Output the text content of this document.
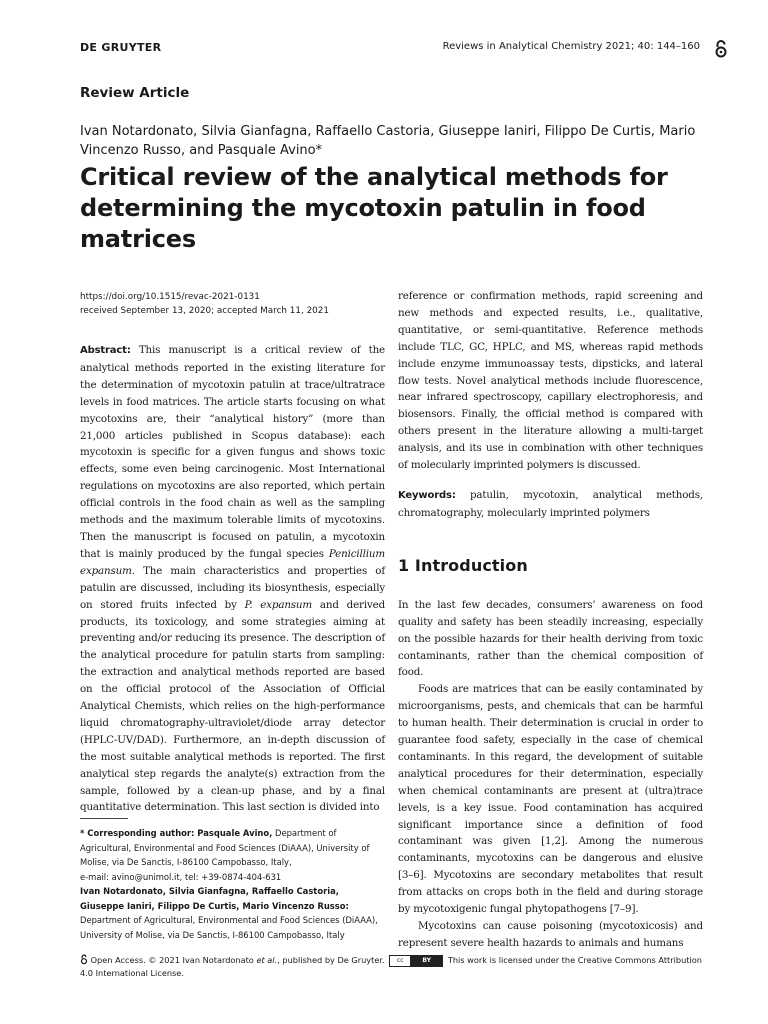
DE GRUYTER	Reviews in Analytical Chemistry 2021; 40: 144–160
Review Article
Ivan Notardonato, Silvia Gianfagna, Raffaello Castoria, Giuseppe Ianiri, Filippo De Curtis, Mario Vincenzo Russo, and Pasquale Avino*
Critical review of the analytical methods for determining the mycotoxin patulin in food matrices
https://doi.org/10.1515/revac-2021-0131
received September 13, 2020; accepted March 11, 2021

Abstract: This manuscript is a critical review of the analytical methods reported in the existing literature for the determination of mycotoxin patulin at trace/ultratrace levels in food matrices. The article starts focusing on what mycotoxins are, their “analytical history” (more than 21,000 articles published in Scopus database): each mycotoxin is specific for a given fungus and shows toxic effects, some even being carcinogenic. Most International regulations on mycotoxins are also reported, which pertain official controls in the food chain as well as the sampling methods and the maximum tolerable limits of mycotoxins. Then the manuscript is focused on patulin, a mycotoxin that is mainly produced by the fungal species Penicillium expansum. The main characteristics and properties of patulin are discussed, including its biosynthesis, especially on stored fruits infected by P. expansum and derived products, its toxicology, and some strategies aiming at preventing and/or reducing its presence. The description of the analytical procedure for patulin starts from sampling: the extraction and analytical methods reported are based on the official protocol of the Association of Official Analytical Chemists, which relies on the high-performance liquid chromatography-ultraviolet/diode array detector (HPLC-UV/DAD). Furthermore, an in-depth discussion of the most suitable analytical methods is reported. The first analytical step regards the analyte(s) extraction from the sample, followed by a clean-up phase, and by a final quantitative determination. This last section is divided into

* Corresponding author: Pasquale Avino, Department of Agricultural, Environmental and Food Sciences (DiAAA), University of Molise, via De Sanctis, I-86100 Campobasso, Italy,
e-mail: avino@unimol.it, tel: +39-0874-404-631
Ivan Notardonato, Silvia Gianfagna, Raffaello Castoria, Giuseppe Ianiri, Filippo De Curtis, Mario Vincenzo Russo: Department of Agricultural, Environmental and Food Sciences (DiAAA), University of Molise, via De Sanctis, I-86100 Campobasso, Italy

reference or confirmation methods, rapid screening and new methods and expected results, i.e., qualitative, quantitative, or semi-quantitative. Reference methods include TLC, GC, HPLC, and MS, whereas rapid methods include enzyme immunoassay tests, dipsticks, and lateral flow tests. Novel analytical methods include fluorescence, near infrared spectroscopy, capillary electrophoresis, and biosensors. Finally, the official method is compared with others present in the literature allowing a multi-target analysis, and its use in combination with other techniques of molecularly imprinted polymers is discussed.

Keywords: patulin, mycotoxin, analytical methods, chromatography, molecularly imprinted polymers

1 Introduction

In the last few decades, consumers’ awareness on food quality and safety has been steadily increasing, especially on the possible hazards for their health deriving from toxic contaminants, rather than the chemical composition of food.

Foods are matrices that can be easily contaminated by microorganisms, pests, and chemicals that can be harmful to human health. Their determination is crucial in order to guarantee food safety, especially in the case of chemical contaminants. In this regard, the development of suitable analytical procedures for their determination, especially when chemical contaminants are present at (ultra)trace levels, is a key issue. Food contamination has acquired significant importance since a definition of food contaminant was given [1,2]. Among the numerous contaminants, mycotoxins can be dangerous and elusive [3–6]. Mycotoxins are secondary metabolites that result from attacks on crops both in the field and during storage by mycotoxigenic fungal phytopathogens [7–9].

Mycotoxins can cause poisoning (mycotoxicosis) and represent severe health hazards to animals and humans

Open Access. © 2021 Ivan Notardonato et al., published by De Gruyter.	cc	BY	This work is licensed under the Creative Commons Attribution 4.0 International License.
